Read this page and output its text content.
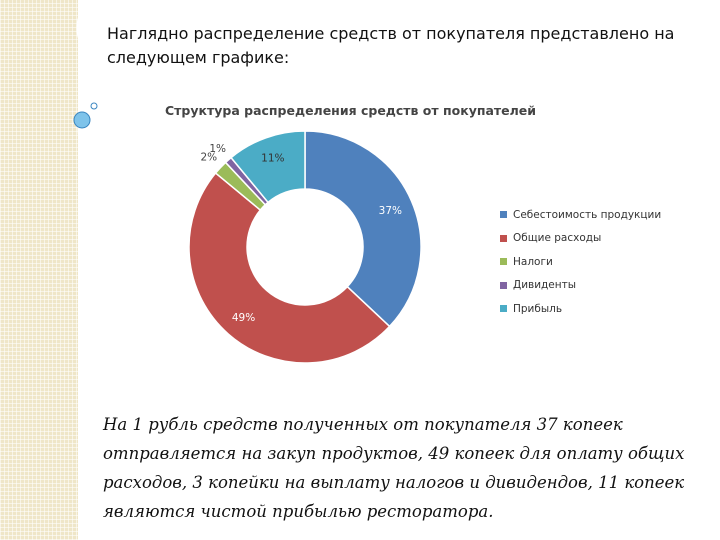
Наглядно распределение средств от покупателя представлено на следующем графике:
Структура распределения средств от покупателей
37%
49%
2%
1%
11%
Себестоимость продукции
Общие расходы
Налоги
Дивиденты
Прибыль
На 1 рубль средств полученных от покупателя 37 копеек отправляется на закуп продуктов, 49 копеек для оплату общих расходов, 3 копейки на выплату налогов и дивидендов, 11 копеек являются чистой прибылью ресторатора.
